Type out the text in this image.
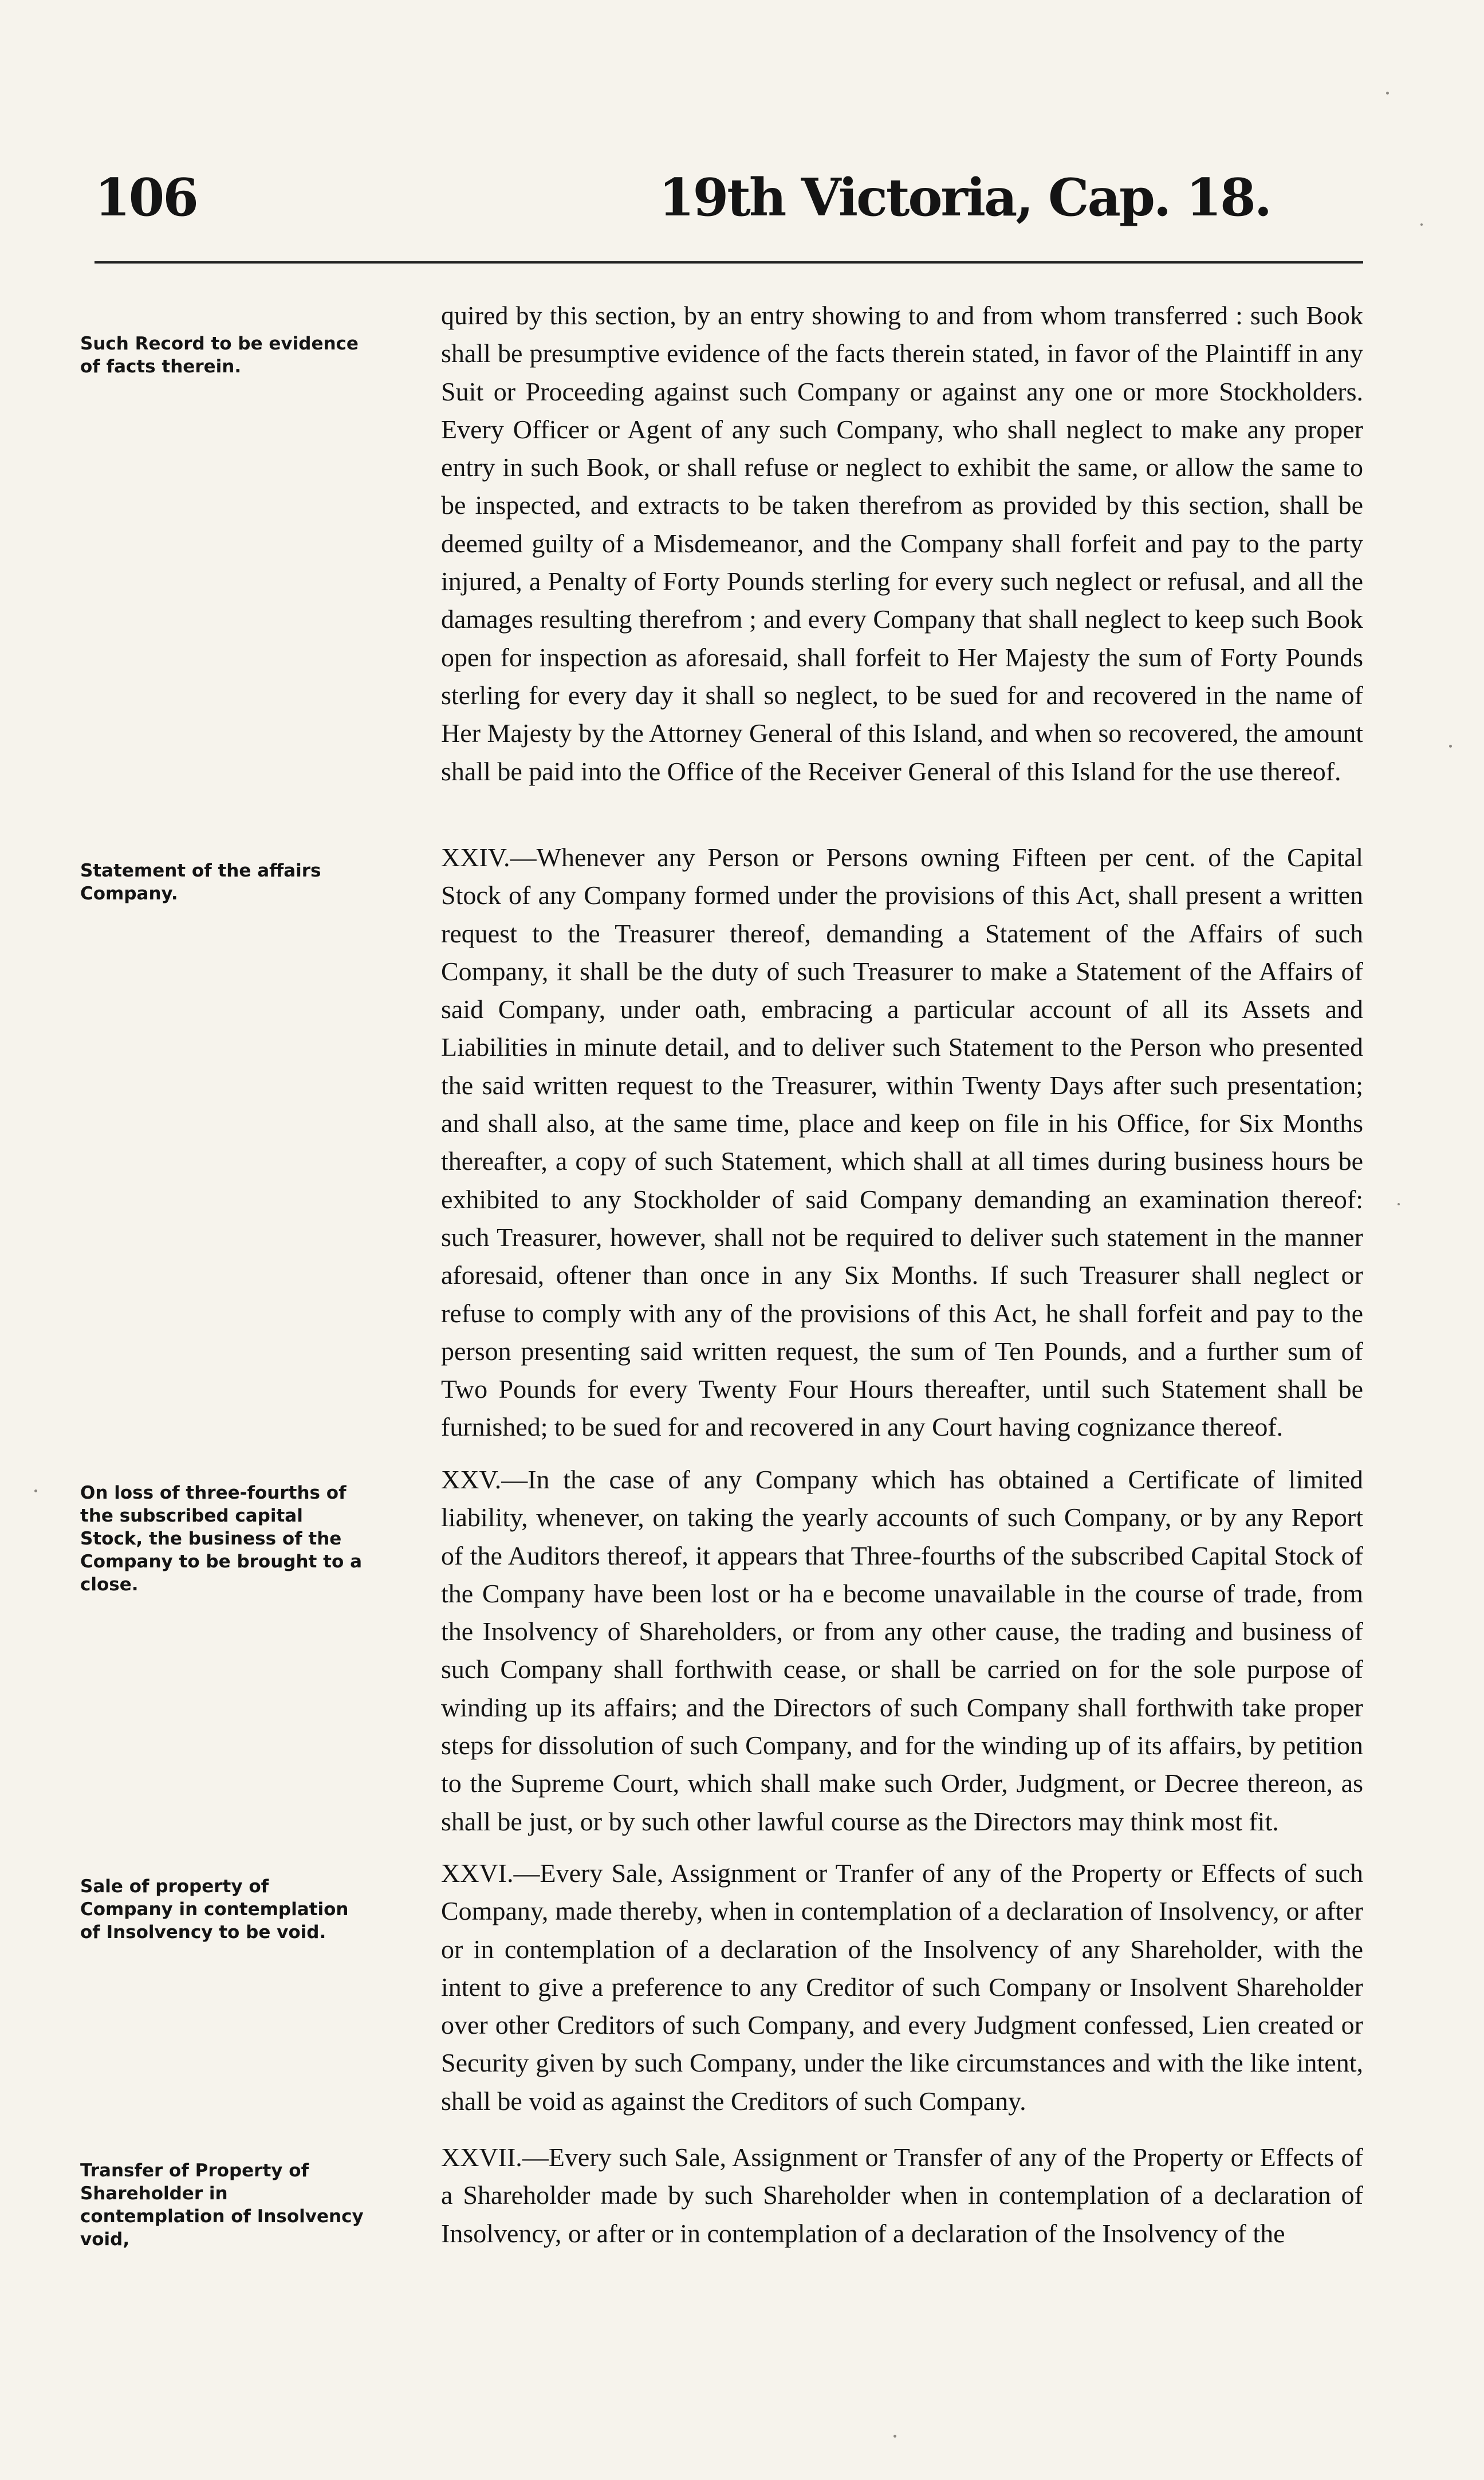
106	19th Victoria, Cap. 18.
Such Record to be evidence of facts therein.
quired by this section, by an entry showing to and from whom transferred : such Book shall be presumptive evidence of the facts therein stated, in favor of the Plaintiff in any Suit or Proceeding against such Company or against any one or more Stockholders. Every Officer or Agent of any such Company, who shall neglect to make any proper entry in such Book, or shall refuse or neglect to exhibit the same, or allow the same to be inspected, and extracts to be taken therefrom as provided by this section, shall be deemed guilty of a Misdemeanor, and the Company shall forfeit and pay to the party injured, a Penalty of Forty Pounds sterling for every such neglect or refusal, and all the damages resulting therefrom ; and every Company that shall neglect to keep such Book open for inspection as aforesaid, shall forfeit to Her Majesty the sum of Forty Pounds sterling for every day it shall so neglect, to be sued for and recovered in the name of Her Majesty by the Attorney General of this Island, and when so recovered, the amount shall be paid into the Office of the Receiver General of this Island for the use thereof.
Statement of the affairs Company.
XXIV.—Whenever any Person or Persons owning Fifteen per cent. of the Capital Stock of any Company formed under the provisions of this Act, shall present a written request to the Treasurer thereof, demanding a Statement of the Affairs of such Company, it shall be the duty of such Treasurer to make a Statement of the Affairs of said Company, under oath, embracing a particular account of all its Assets and Liabilities in minute detail, and to deliver such Statement to the Person who presented the said written request to the Treasurer, within Twenty Days after such presentation; and shall also, at the same time, place and keep on file in his Office, for Six Months thereafter, a copy of such Statement, which shall at all times during business hours be exhibited to any Stockholder of said Company demanding an examination thereof: such Treasurer, however, shall not be required to deliver such statement in the manner aforesaid, oftener than once in any Six Months. If such Treasurer shall neglect or refuse to comply with any of the provisions of this Act, he shall forfeit and pay to the person presenting said written request, the sum of Ten Pounds, and a further sum of Two Pounds for every Twenty Four Hours thereafter, until such Statement shall be furnished; to be sued for and recovered in any Court having cognizance thereof.
On loss of three-fourths of the subscribed capital Stock, the business of the Company to be brought to a close.
XXV.—In the case of any Company which has obtained a Certificate of limited liability, whenever, on taking the yearly accounts of such Company, or by any Report of the Auditors thereof, it appears that Three-fourths of the subscribed Capital Stock of the Company have been lost or ha e become unavailable in the course of trade, from the Insolvency of Shareholders, or from any other cause, the trading and business of such Company shall forthwith cease, or shall be carried on for the sole purpose of winding up its affairs; and the Directors of such Company shall forthwith take proper steps for dissolution of such Company, and for the winding up of its affairs, by petition to the Supreme Court, which shall make such Order, Judgment, or Decree thereon, as shall be just, or by such other lawful course as the Directors may think most fit.
Sale of property of Company in contemplation of Insolvency to be void.
XXVI.—Every Sale, Assignment or Tranfer of any of the Property or Effects of such Company, made thereby, when in contemplation of a declaration of Insolvency, or after or in contemplation of a declaration of the Insolvency of any Shareholder, with the intent to give a preference to any Creditor of such Company or Insolvent Shareholder over other Creditors of such Company, and every Judgment confessed, Lien created or Security given by such Company, under the like circumstances and with the like intent, shall be void as against the Creditors of such Company.
Transfer of Property of Shareholder in contemplation of Insolvency void,
XXVII.—Every such Sale, Assignment or Transfer of any of the Property or Effects of a Shareholder made by such Shareholder when in contemplation of a declaration of Insolvency, or after or in contemplation of a declaration of the Insolvency of the
